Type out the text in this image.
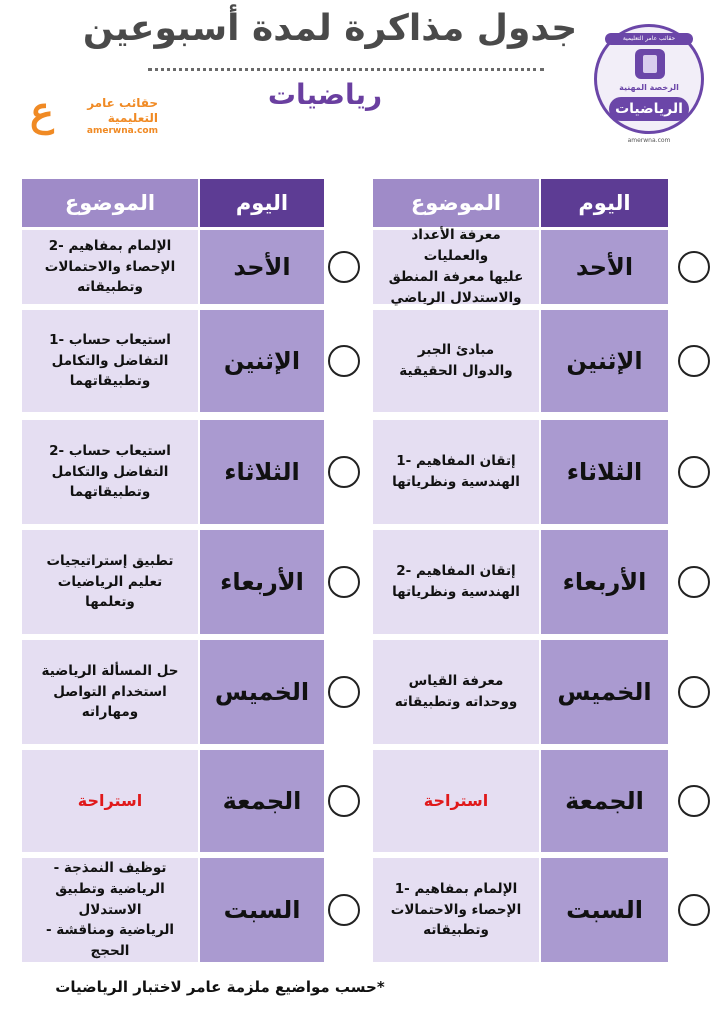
جدول مذاكرة لمدة أسبوعين
رياضيات
ع	حقائب عامر
التعليمية
amerwna.com
حقائب عامر التعليمية
الرخصة المهنية
الرياضيات
amerwna.com
اليوم
الموضوع
الأحد
معرفة الأعداد والعمليات
عليها معرفة المنطق
والاستدلال الرياضي
الإثنين
مبادئ الجبر
والدوال الحقيقية
الثلاثاء
1- إتقان المفاهيم
الهندسية ونظرياتها
الأربعاء
2- إتقان المفاهيم
الهندسية ونظرياتها
الخميس
معرفة القياس
ووحداته وتطبيقاته
الجمعة
استراحة
السبت
1- الإلمام بمفاهيم
الإحصاء والاحتمالات
وتطبيقاته
اليوم
الموضوع
الأحد
2- الإلمام بمفاهيم
الإحصاء والاحتمالات
وتطبيقاته
الإثنين
1- استيعاب حساب
التفاضل والتكامل
وتطبيقاتهما
الثلاثاء
2- استيعاب حساب
التفاضل والتكامل
وتطبيقاتهما
الأربعاء
تطبيق إستراتيجيات
تعليم الرياضيات
وتعلمها
الخميس
حل المسألة الرياضية
استخدام التواصل
ومهاراته
الجمعة
استراحة
السبت
- توظيف النمذجة
الرياضية وتطبيق الاستدلال
- الرياضية ومناقشة الحجج
*حسب مواضيع ملزمة عامر لاختبار الرياضيات
